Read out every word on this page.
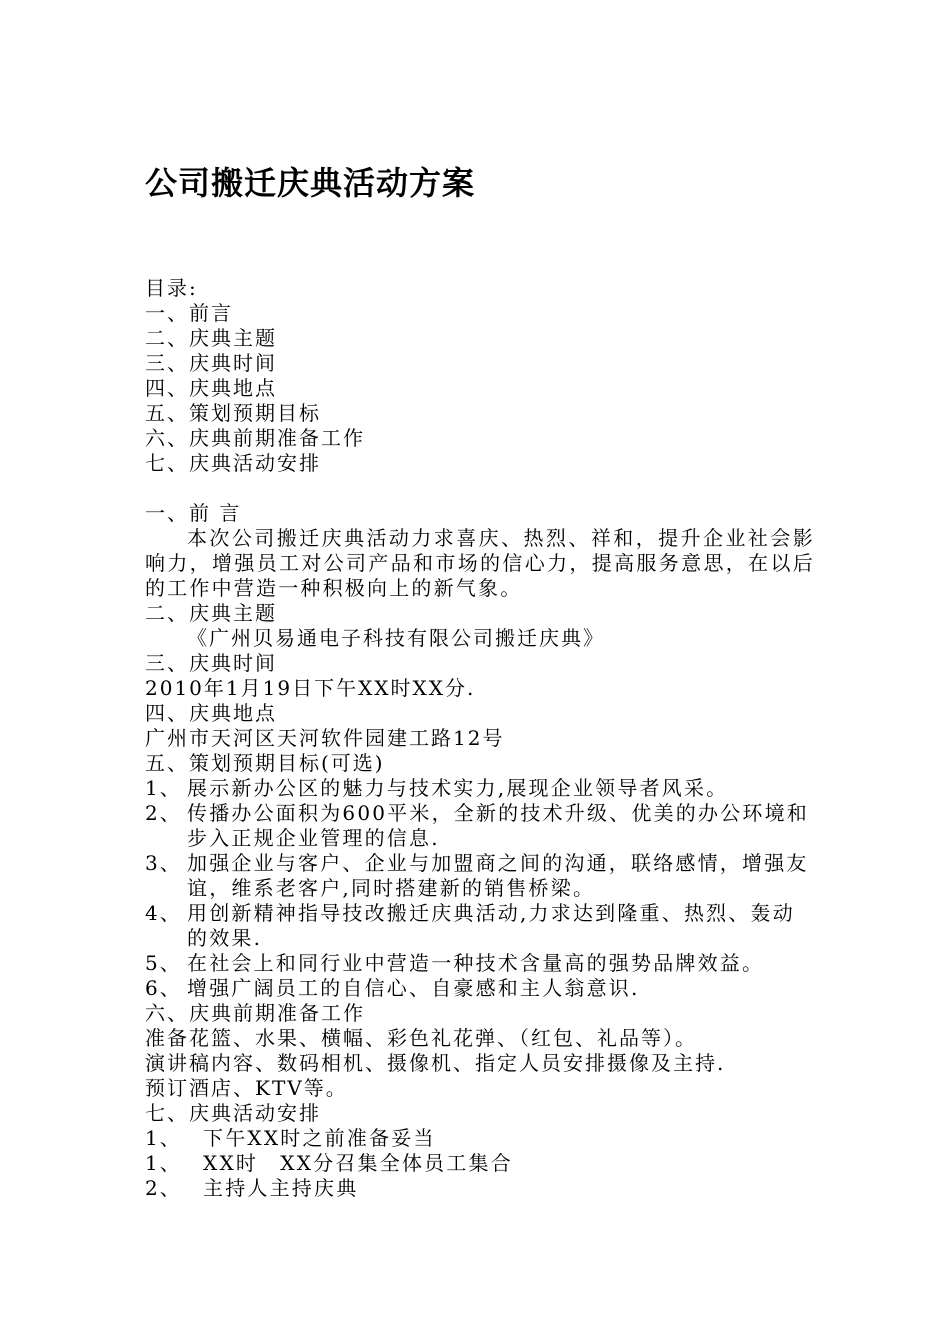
公司搬迁庆典活动方案
目录:
一、前言
二、庆典主题
三、庆典时间
四、庆典地点
五、策划预期目标
六、庆典前期准备工作
七、庆典活动安排
一、前 言
本次公司搬迁庆典活动力求喜庆、热烈、祥和，提升企业社会影响力，增强员工对公司产品和市场的信心力，提高服务意思，在以后的工作中营造一种积极向上的新气象。
二、庆典主题
《广州贝易通电子科技有限公司搬迁庆典》
三、庆典时间
2010年1月19日下午XX时XX分.
四、庆典地点
广州市天河区天河软件园建工路12号
五、策划预期目标(可选)
1、 展示新办公区的魅力与技术实力,展现企业领导者风采。
2、 传播办公面积为600平米，全新的技术升级、优美的办公环境和步入正规企业管理的信息.
3、 加强企业与客户、企业与加盟商之间的沟通，联络感情，增强友谊，维系老客户,同时搭建新的销售桥梁。
4、 用创新精神指导技改搬迁庆典活动,力求达到隆重、热烈、轰动的效果.
5、 在社会上和同行业中营造一种技术含量高的强势品牌效益。
6、 增强广阔员工的自信心、自豪感和主人翁意识.
六、庆典前期准备工作
准备花篮、水果、横幅、彩色礼花弹、（红包、礼品等）。
演讲稿内容、数码相机、摄像机、指定人员安排摄像及主持.
预订酒店、KTV等。
七、庆典活动安排
1、	下午XX时之前准备妥当
1、	XX时　XX分召集全体员工集合
2、	主持人主持庆典
